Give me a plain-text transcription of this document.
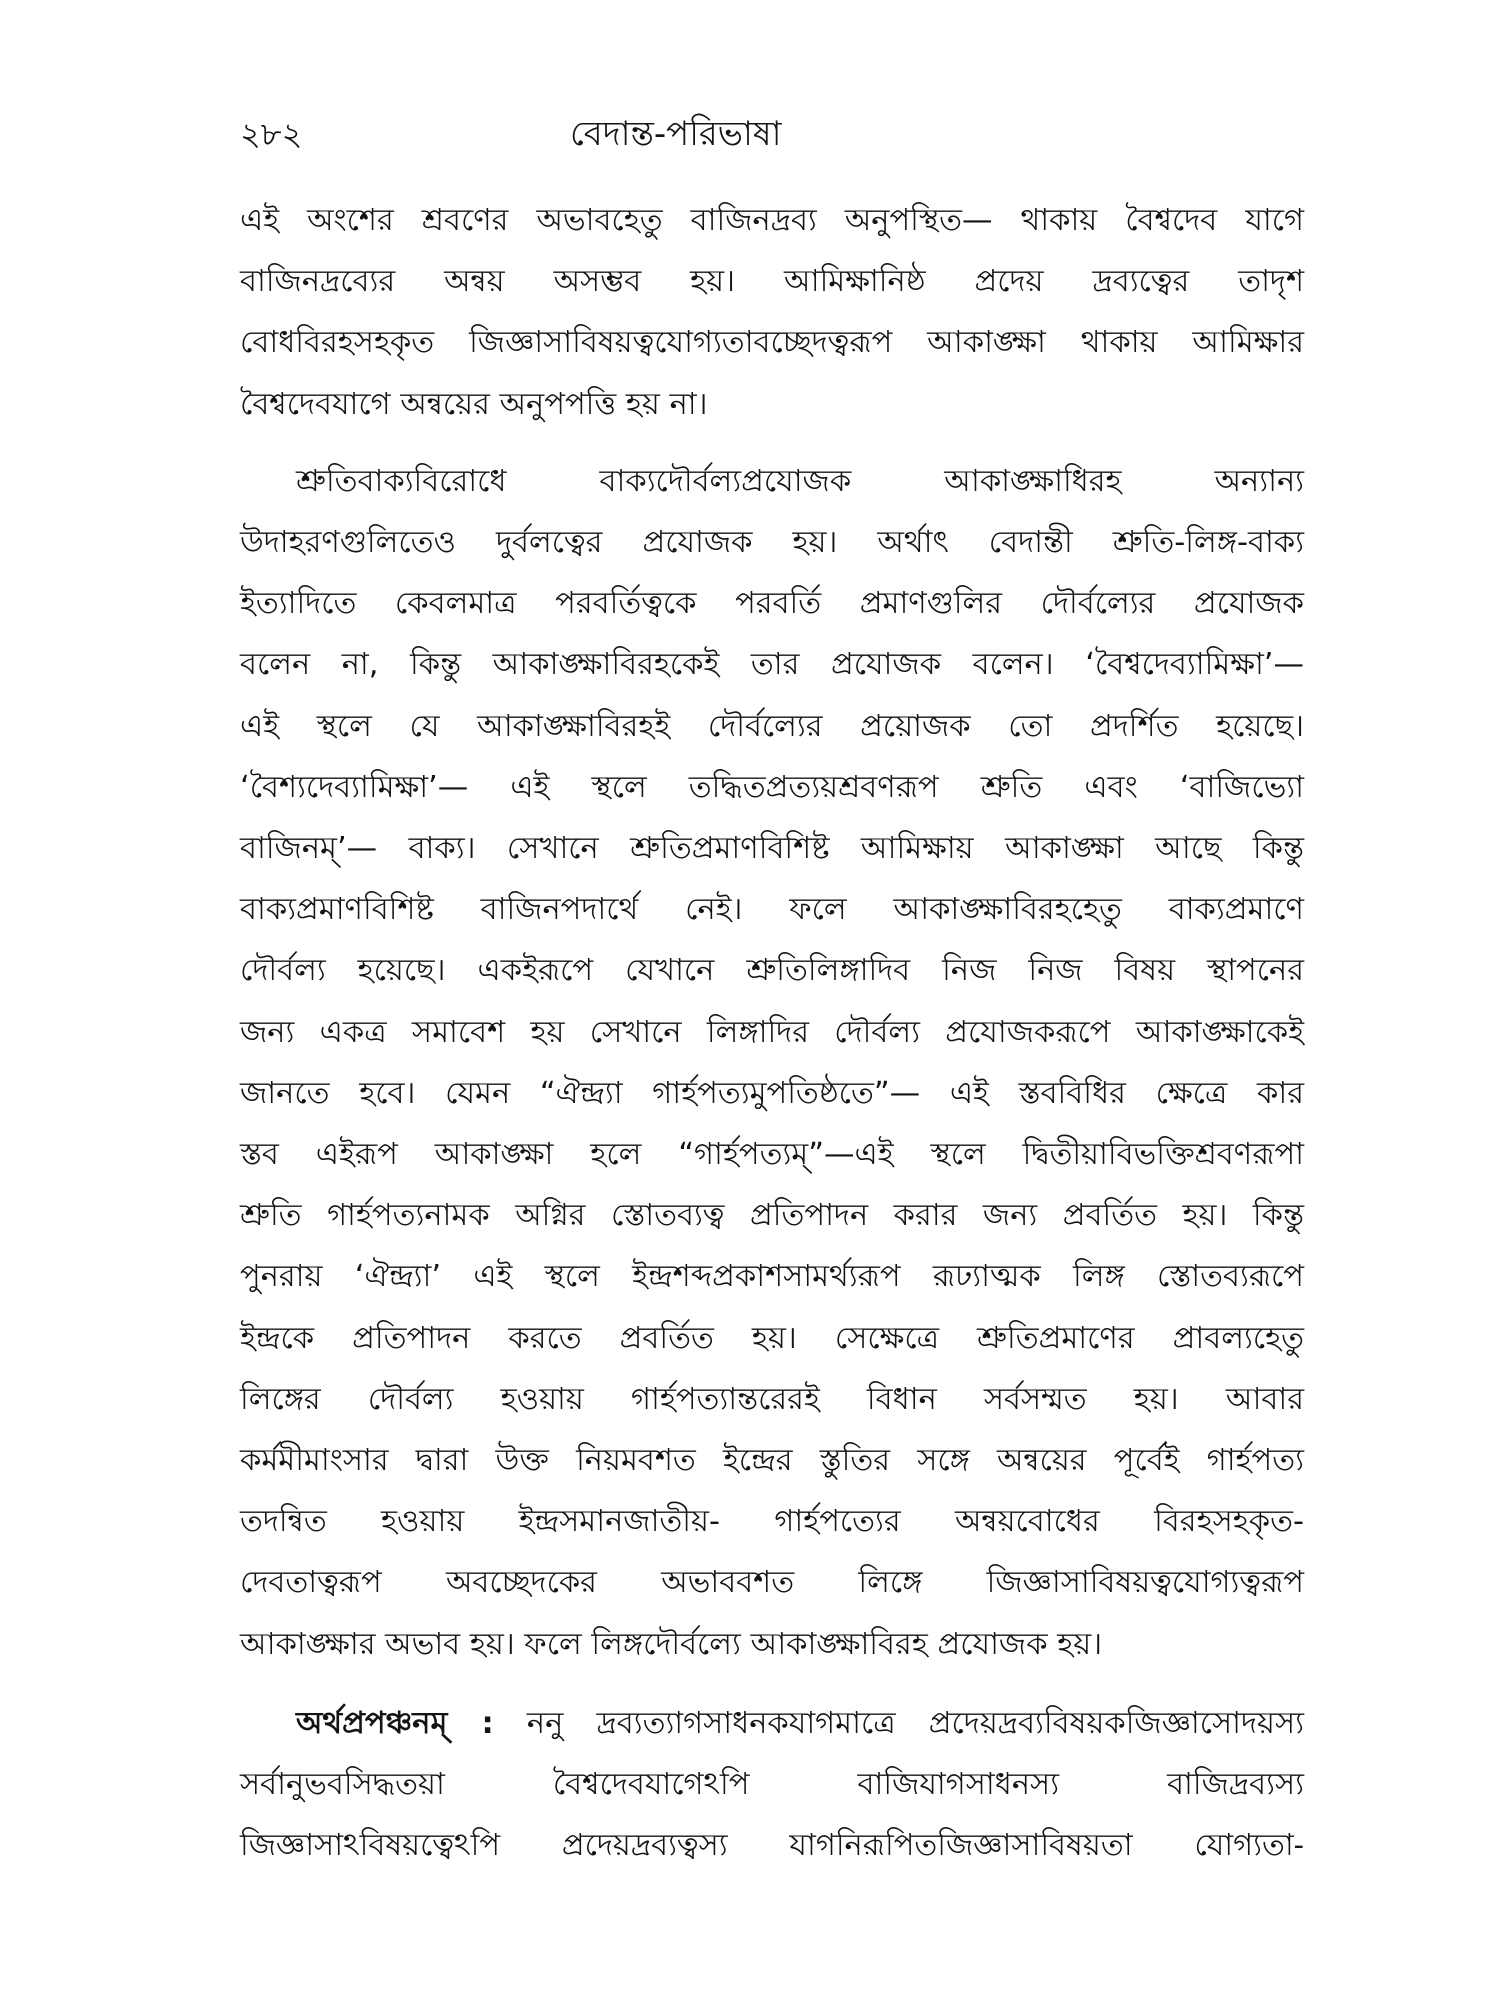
২৮২	বেদান্ত-পরিভাষা

এই অংশের শ্রবণের অভাবহেতু বাজিনদ্রব্য অনুপস্থিত— থাকায় বৈশ্বদেব যাগে
বাজিনদ্রব্যের অন্বয় অসম্ভব হয়। আমিক্ষানিষ্ঠ প্রদেয় দ্রব্যত্বের তাদৃশ
বোধবিরহসহকৃত জিজ্ঞাসাবিষয়ত্বযোগ্যতাবচ্ছেদত্বরূপ আকাঙ্ক্ষা থাকায় আমিক্ষার
বৈশ্বদেবযাগে অন্বয়ের অনুপপত্তি হয় না।

শ্রুতিবাক্যবিরোধে বাক্যদৌর্বল্যপ্রযোজক আকাঙ্ক্ষাধিরহ অন্যান্য
উদাহরণগুলিতেও দুর্বলত্বের প্রযোজক হয়। অর্থাৎ বেদান্তী শ্রুতি-লিঙ্গ-বাক্য
ইত্যাদিতে কেবলমাত্র পরবর্তিত্বকে পরবর্তি প্রমাণগুলির দৌর্বল্যের প্রযোজক
বলেন না, কিন্তু আকাঙ্ক্ষাবিরহকেই তার প্রযোজক বলেন। ‘বৈশ্বদেব্যামিক্ষা’—
এই স্থলে যে আকাঙ্ক্ষাবিরহই দৌর্বল্যের প্রয়োজক তো প্রদর্শিত হয়েছে।
‘বৈশ্যদেব্যামিক্ষা’— এই স্থলে তদ্ধিতপ্রত্যয়শ্রবণরূপ শ্রুতি এবং ‘বাজিভ্যো
বাজিনম্’— বাক্য। সেখানে শ্রুতিপ্রমাণবিশিষ্ট আমিক্ষায় আকাঙ্ক্ষা আছে কিন্তু
বাক্যপ্রমাণবিশিষ্ট বাজিনপদার্থে নেই। ফলে আকাঙ্ক্ষাবিরহহেতু বাক্যপ্রমাণে
দৌর্বল্য হয়েছে। একইরূপে যেখানে শ্রুতিলিঙ্গাদিব নিজ নিজ বিষয় স্থাপনের
জন্য একত্র সমাবেশ হয় সেখানে লিঙ্গাদির দৌর্বল্য প্রযোজকরূপে আকাঙ্ক্ষাকেই
জানতে হবে। যেমন “ঐন্দ্র্যা গার্হপত্যমুপতিষ্ঠতে”— এই স্তববিধির ক্ষেত্রে কার
স্তব এইরূপ আকাঙ্ক্ষা হলে “গার্হপত্যম্”—এই স্থলে দ্বিতীয়াবিভক্তিশ্রবণরূপা
শ্রুতি গার্হপত্যনামক অগ্নির স্তোতব্যত্ব প্রতিপাদন করার জন্য প্রবর্তিত হয়। কিন্তু
পুনরায় ‘ঐন্দ্র্যা’ এই স্থলে ইন্দ্রশব্দপ্রকাশসামর্থ্যরূপ রূঢ্যাত্মক লিঙ্গ স্তোতব্যরূপে
ইন্দ্রকে প্রতিপাদন করতে প্রবর্তিত হয়। সেক্ষেত্রে শ্রুতিপ্রমাণের প্রাবল্যহেতু
লিঙ্গের দৌর্বল্য হওয়ায় গার্হপত্যান্তরেরই বিধান সর্বসম্মত হয়। আবার
কর্মমীমাংসার দ্বারা উক্ত নিয়মবশত ইন্দ্রের স্তুতির সঙ্গে অন্বয়ের পূর্বেই গার্হপত্য
তদন্বিত হওয়ায় ইন্দ্রসমানজাতীয়- গার্হপত্যের অন্বয়বোধের বিরহসহকৃত-
দেবতাত্বরূপ অবচ্ছেদকের অভাববশত লিঙ্গে জিজ্ঞাসাবিষয়ত্বযোগ্যত্বরূপ
আকাঙ্ক্ষার অভাব হয়। ফলে লিঙ্গদৌর্বল্যে আকাঙ্ক্ষাবিরহ প্রযোজক হয়।

অর্থপ্রপঞ্চনম্ : ননু দ্রব্যত্যাগসাধনকযাগমাত্রে প্রদেয়দ্রব্যবিষয়কজিজ্ঞাসোদয়স্য
সর্বানুভবসিদ্ধতয়া বৈশ্বদেবযাগেঽপি বাজিযাগসাধনস্য বাজিদ্রব্যস্য
জিজ্ঞাসাঽবিষয়ত্বেঽপি প্রদেয়দ্রব্যত্বস্য যাগনিরূপিতজিজ্ঞাসাবিষয়তা যোগ্যতা-
